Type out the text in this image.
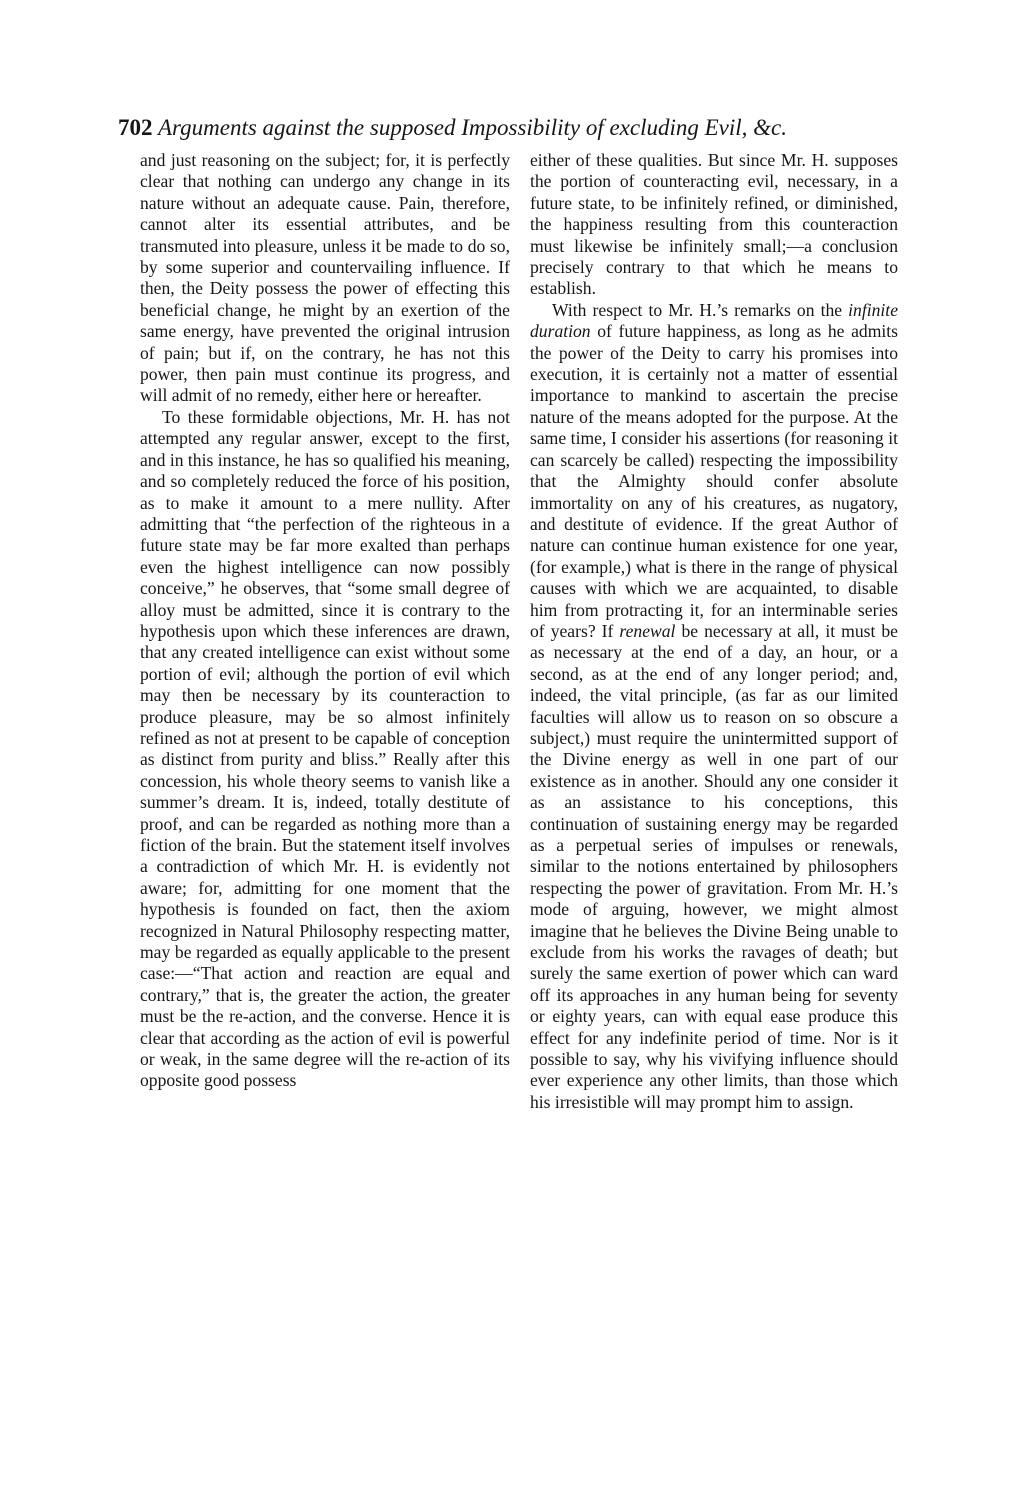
702 Arguments against the supposed Impossibility of excluding Evil, &c.

and just reasoning on the subject; for, it is perfectly clear that nothing can undergo any change in its nature without an adequate cause. Pain, therefore, cannot alter its essential attributes, and be transmuted into pleasure, unless it be made to do so, by some superior and countervailing influence. If then, the Deity possess the power of effecting this beneficial change, he might by an exertion of the same energy, have prevented the original intrusion of pain; but if, on the contrary, he has not this power, then pain must continue its progress, and will admit of no remedy, either here or hereafter.

To these formidable objections, Mr. H. has not attempted any regular answer, except to the first, and in this instance, he has so qualified his meaning, and so completely reduced the force of his position, as to make it amount to a mere nullity. After admitting that “the perfection of the righteous in a future state may be far more exalted than perhaps even the highest intelligence can now possibly conceive,” he observes, that “some small degree of alloy must be admitted, since it is contrary to the hypothesis upon which these inferences are drawn, that any created intelligence can exist without some portion of evil; although the portion of evil which may then be necessary by its counteraction to produce pleasure, may be so almost infinitely refined as not at present to be capable of conception as distinct from purity and bliss.” Really after this concession, his whole theory seems to vanish like a summer’s dream. It is, indeed, totally destitute of proof, and can be regarded as nothing more than a fiction of the brain. But the statement itself involves a contradiction of which Mr. H. is evidently not aware; for, admitting for one moment that the hypothesis is founded on fact, then the axiom recognized in Natural Philosophy respecting matter, may be regarded as equally applicable to the present case:—“That action and reaction are equal and contrary,” that is, the greater the action, the greater must be the re-action, and the converse. Hence it is clear that according as the action of evil is powerful or weak, in the same degree will the re-action of its opposite good possess

either of these qualities. But since Mr. H. supposes the portion of counteracting evil, necessary, in a future state, to be infinitely refined, or diminished, the happiness resulting from this counteraction must likewise be infinitely small;—a conclusion precisely contrary to that which he means to establish.

With respect to Mr. H.’s remarks on the infinite duration of future happiness, as long as he admits the power of the Deity to carry his promises into execution, it is certainly not a matter of essential importance to mankind to ascertain the precise nature of the means adopted for the purpose. At the same time, I consider his assertions (for reasoning it can scarcely be called) respecting the impossibility that the Almighty should confer absolute immortality on any of his creatures, as nugatory, and destitute of evidence. If the great Author of nature can continue human existence for one year, (for example,) what is there in the range of physical causes with which we are acquainted, to disable him from protracting it, for an interminable series of years? If renewal be necessary at all, it must be as necessary at the end of a day, an hour, or a second, as at the end of any longer period; and, indeed, the vital principle, (as far as our limited faculties will allow us to reason on so obscure a subject,) must require the unintermitted support of the Divine energy as well in one part of our existence as in another. Should any one consider it as an assistance to his conceptions, this continuation of sustaining energy may be regarded as a perpetual series of impulses or renewals, similar to the notions entertained by philosophers respecting the power of gravitation. From Mr. H.’s mode of arguing, however, we might almost imagine that he believes the Divine Being unable to exclude from his works the ravages of death; but surely the same exertion of power which can ward off its approaches in any human being for seventy or eighty years, can with equal ease produce this effect for any indefinite period of time. Nor is it possible to say, why his vivifying influence should ever experience any other limits, than those which his irresistible will may prompt him to assign.
